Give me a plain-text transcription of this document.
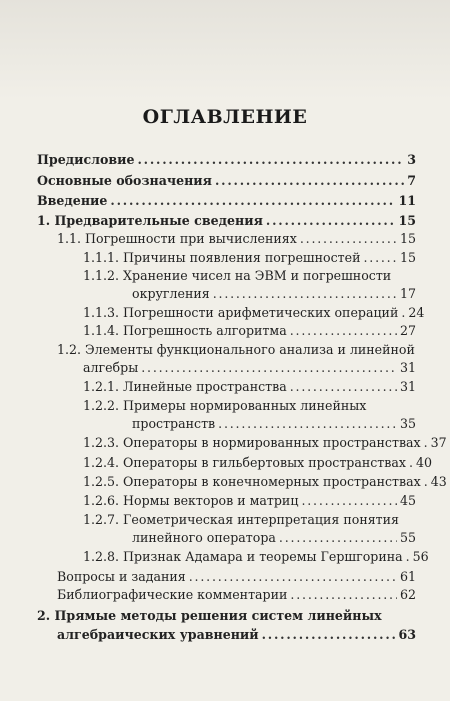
ОГЛАВЛЕНИЕ
Предисловие .....	3
Основные обозначения .....	7
Введение .....	11
1. Предварительные сведения .....	15
1.1. Погрешности при вычислениях .....	15
1.1.1. Причины появления погрешностей .....	15
1.1.2. Хранение чисел на ЭВМ и погрешности
округления .....	17
1.1.3. Погрешности арифметических операций ..... 24
1.1.4. Погрешность алгоритма .....	27
1.2. Элементы функционального анализа и линейной
алгебры .....	31
1.2.1. Линейные пространства .....	31
1.2.2. Примеры нормированных линейных
пространств .....	35
1.2.3. Операторы в нормированных пространствах ..... 37
1.2.4. Операторы в гильбертовых пространствах ..... 40
1.2.5. Операторы в конечномерных пространствах ..... 43
1.2.6. Нормы векторов и матриц .....	45
1.2.7. Геометрическая интерпретация понятия
линейного оператора .....	55
1.2.8. Признак Адамара и теоремы Гершгорина ..... 56
Вопросы и задания .....	61
Библиографические комментарии .....	62
2. Прямые методы решения систем линейных
алгебраических уравнений .....	63
